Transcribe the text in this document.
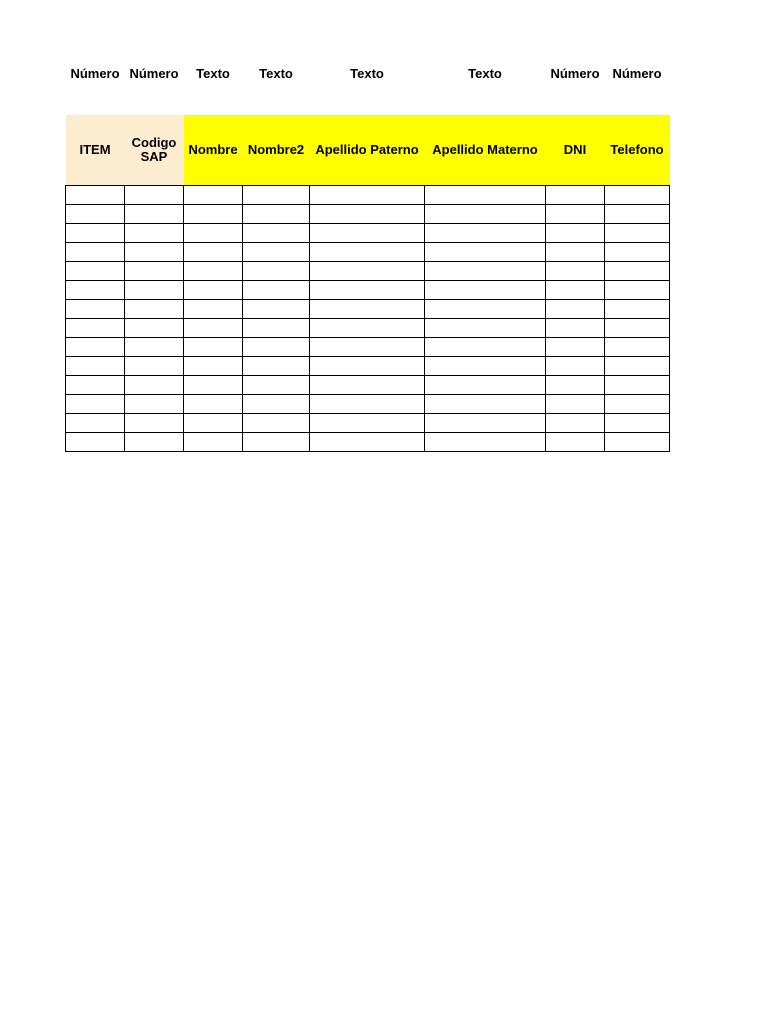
Número	Número	Texto	Texto	Texto	Texto	Número	Número

ITEM	Codigo SAP	Nombre	Nombre2	Apellido Paterno	Apellido Materno	DNI	Telefono
